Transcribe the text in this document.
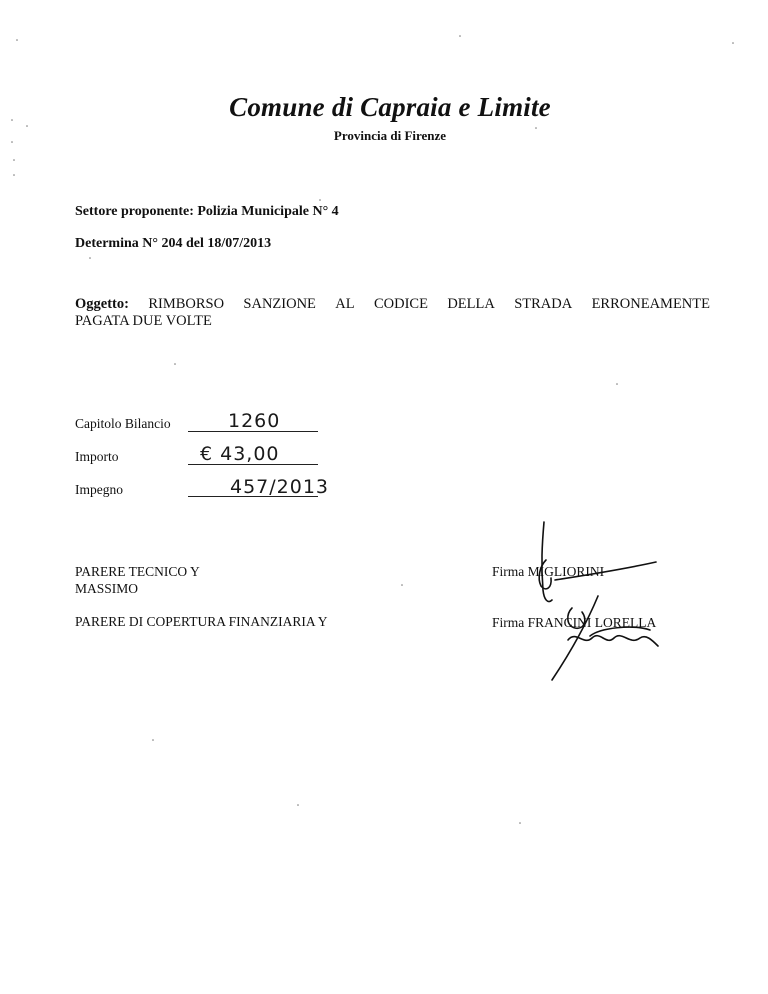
Comune di Capraia e Limite
Provincia di Firenze
Settore proponente: Polizia Municipale N° 4
Determina N° 204 del 18/07/2013
Oggetto: RIMBORSO SANZIONE AL CODICE DELLA STRADA ERRONEAMENTE
PAGATA DUE VOLTE
Capitolo Bilancio	1260
Importo	€ 43,00
Impegno	457/2013
PARERE TECNICO Y
MASSIMO
PARERE DI COPERTURA FINANZIARIA Y
Firma MIGLIORINI
Firma FRANCINI LORELLA
